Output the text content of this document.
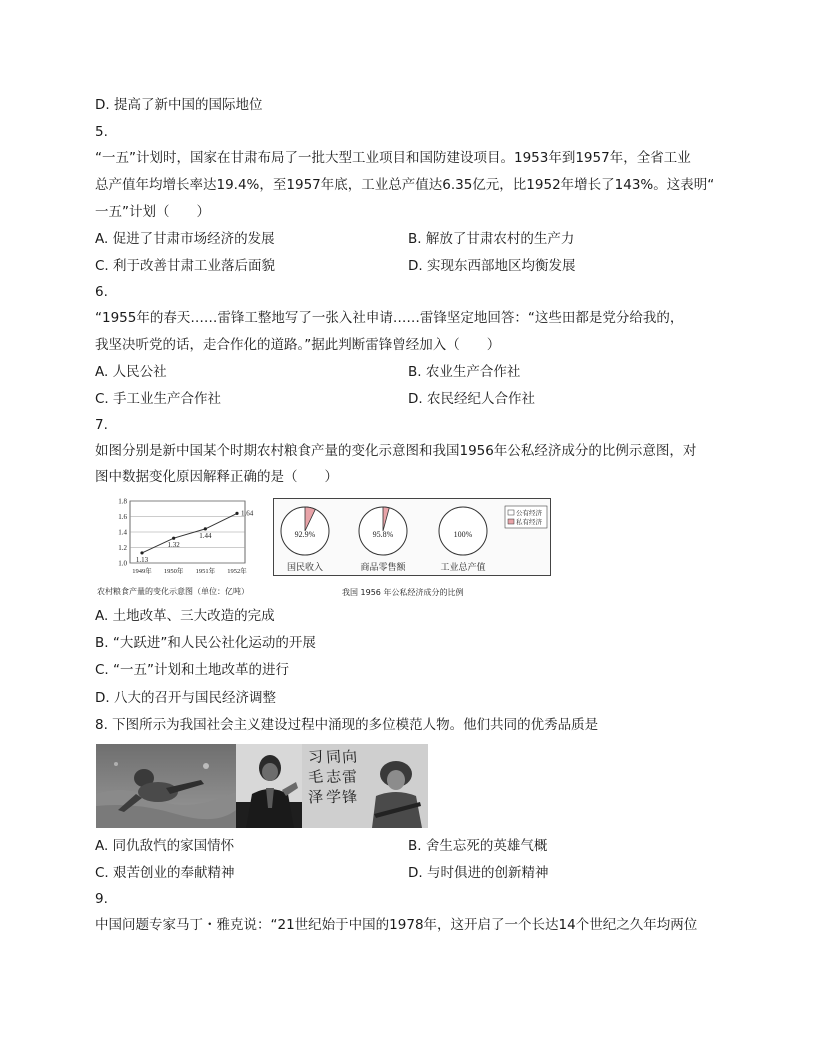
D. 提高了新中国的国际地位
5.
“一五”计划时，国家在甘肃布局了一批大型工业项目和国防建设项目。1953年到1957年，全省工业
总产值年均增长率达19.4%，至1957年底，工业总产值达6.35亿元，比1952年增长了143%。这表明“
一五”计划（　　）
A. 促进了甘肃市场经济的发展	B. 解放了甘肃农村的生产力
C. 利于改善甘肃工业落后面貌	D. 实现东西部地区均衡发展
6.
“1955年的春天……雷锋工整地写了一张入社申请……雷锋坚定地回答：“这些田都是党分给我的，
我坚决听党的话，走合作化的道路。”据此判断雷锋曾经加入（　　）
A. 人民公社	B. 农业生产合作社
C. 手工业生产合作社	D. 农民经纪人合作社
7.
如图分别是新中国某个时期农村粮食产量的变化示意图和我国1956年公私经济成分的比例示意图，对
图中数据变化原因解释正确的是（　　）
1.0
1.2
1.4
1.6
1.8
1949年 1950年 1951年 1952年
1.13
1.32
1.44
1.64
农村粮食产量的变化示意图（单位：亿吨）
92.9%
国民收入
95.8%
商品零售额
100%
工业总产值
公有经济
私有经济
我国 1956 年公私经济成分的比例
A. 土地改革、三大改造的完成
B. “大跃进”和人民公社化运动的开展
C. “一五”计划和土地改革的进行
D. 八大的召开与国民经济调整
8. 下图所示为我国社会主义建设过程中涌现的多位模范人物。他们共同的优秀品质是
向
雷
锋
同
志
学
习
毛
泽
A. 同仇敌忾的家国情怀	B. 舍生忘死的英雄气概
C. 艰苦创业的奉献精神	D. 与时俱进的创新精神
9.
中国问题专家马丁・雅克说：“21世纪始于中国的1978年，这开启了一个长达14个世纪之久年均两位
